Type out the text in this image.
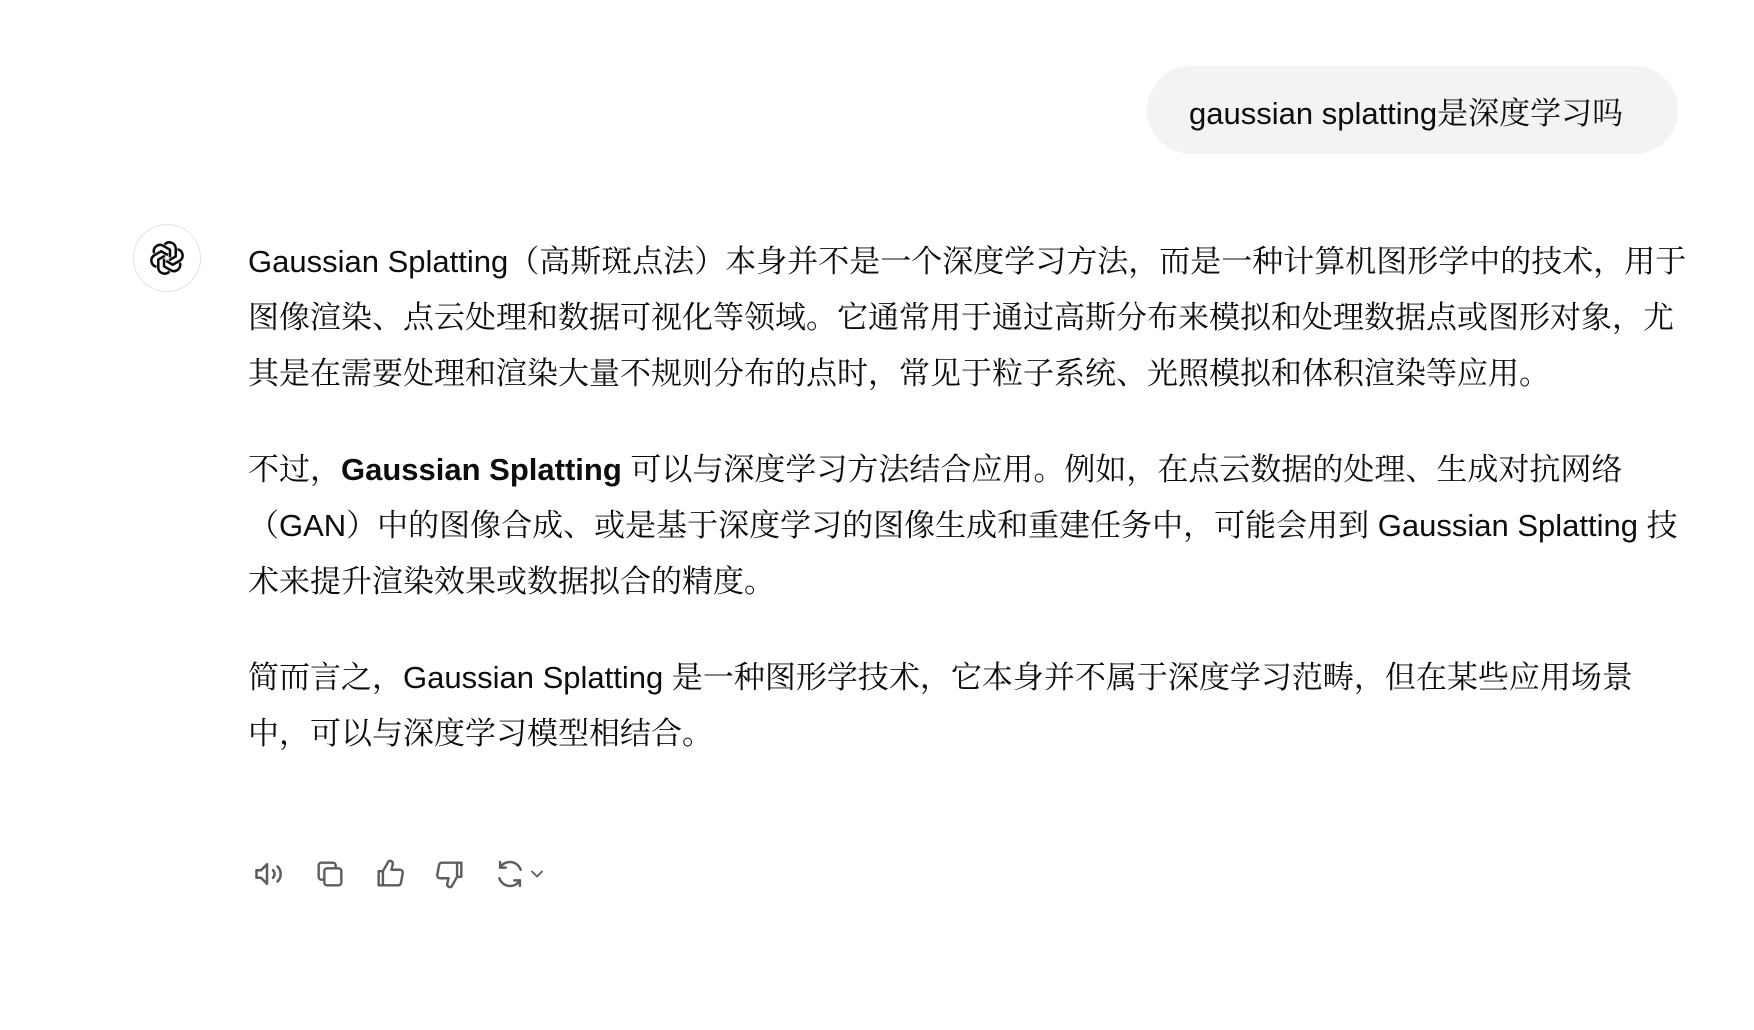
gaussian splatting是深度学习吗

Gaussian Splatting（高斯斑点法）本身并不是一个深度学习方法，而是一种计算机图形学中的技术，用于图像渲染、点云处理和数据可视化等领域。它通常用于通过高斯分布来模拟和处理数据点或图形对象，尤其是在需要处理和渲染大量不规则分布的点时，常见于粒子系统、光照模拟和体积渲染等应用。

不过，Gaussian Splatting 可以与深度学习方法结合应用。例如，在点云数据的处理、生成对抗网络（GAN）中的图像合成、或是基于深度学习的图像生成和重建任务中，可能会用到 Gaussian Splatting 技术来提升渲染效果或数据拟合的精度。

简而言之，Gaussian Splatting 是一种图形学技术，它本身并不属于深度学习范畴，但在某些应用场景中，可以与深度学习模型相结合。
